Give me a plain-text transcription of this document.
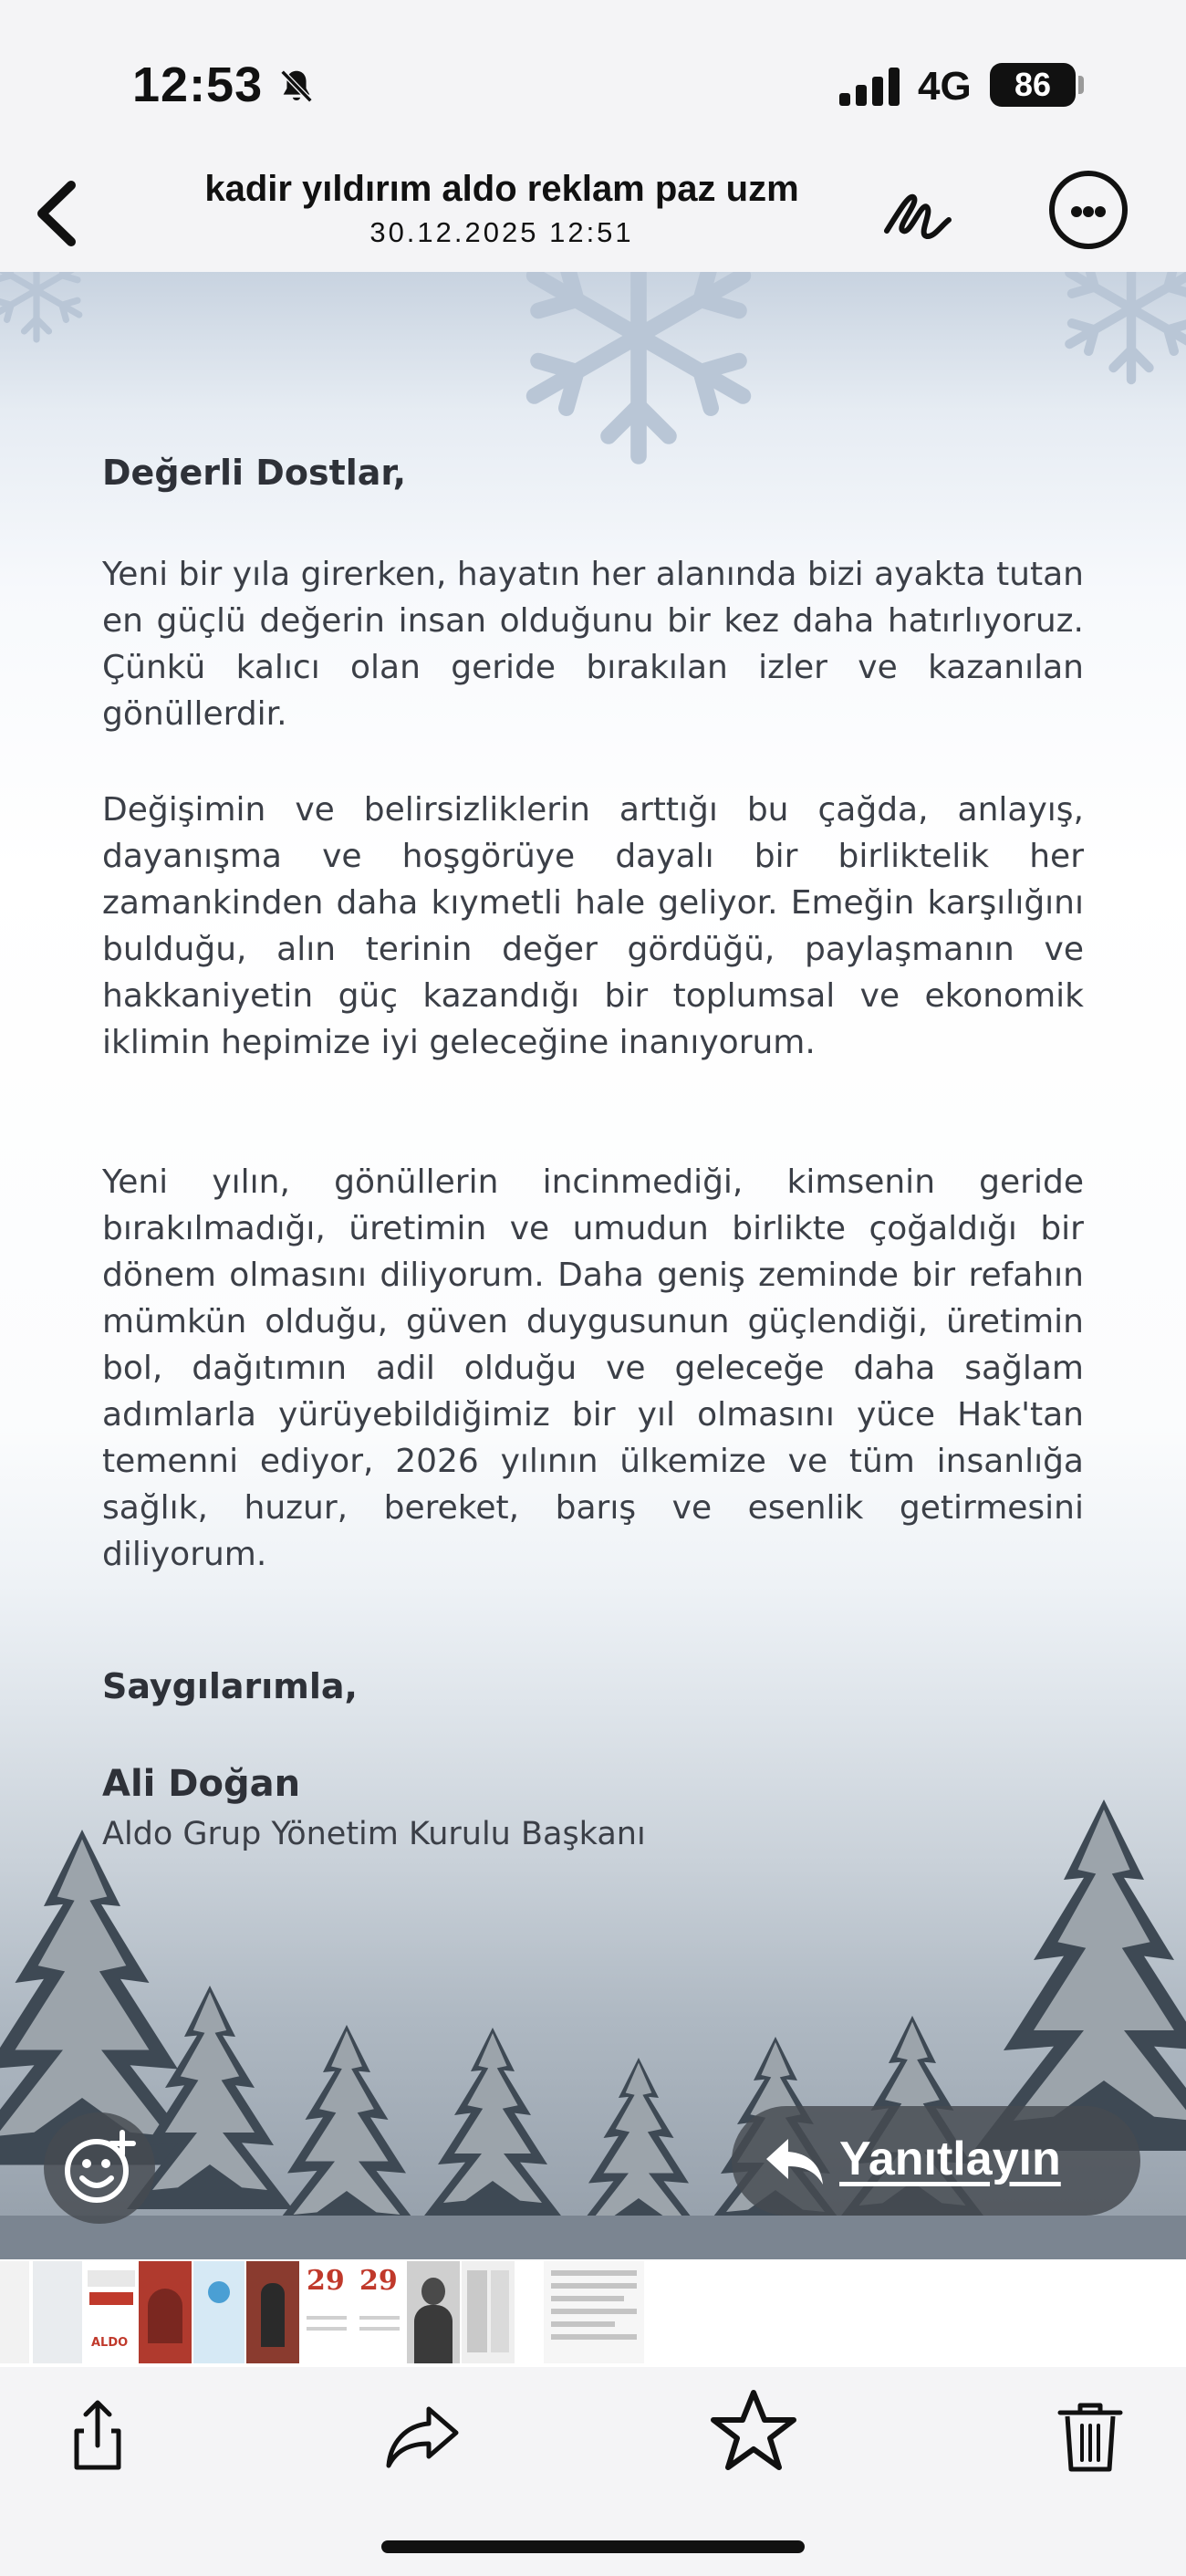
12:53	4G	86
kadir yıldırım aldo reklam paz uzm
30.12.2025 12:51
Değerli Dostlar,
Yeni bir yıla girerken, hayatın her alanında bizi ayakta tutan en güçlü değerin insan olduğunu bir kez daha hatırlıyoruz. Çünkü kalıcı olan geride bırakılan izler ve kazanılan gönüllerdir.
Değişimin ve belirsizliklerin arttığı bu çağda, anlayış, dayanışma ve hoşgörüye dayalı bir birliktelik her zamankinden daha kıymetli hale geliyor. Emeğin karşılığını bulduğu, alın terinin değer gördüğü, paylaşmanın ve hakkaniyetin güç kazandığı bir toplumsal ve ekonomik iklimin hepimize iyi geleceğine inanıyorum.
Yeni yılın, gönüllerin incinmediği, kimsenin geride bırakılmadığı, üretimin ve umudun birlikte çoğaldığı bir dönem olmasını diliyorum. Daha geniş zeminde bir refahın mümkün olduğu, güven duygusunun güçlendiği, üretimin bol, dağıtımın adil olduğu ve geleceğe daha sağlam adımlarla yürüyebildiğimiz bir yıl olmasını yüce Hak'tan temenni ediyor, 2026 yılının ülkemize ve tüm insanlığa sağlık, huzur, bereket, barış ve esenlik getirmesini diliyorum.
Saygılarımla,
Ali Doğan
Aldo Grup Yönetim Kurulu Başkanı
Yanıtlayın
ALDO
29 29
